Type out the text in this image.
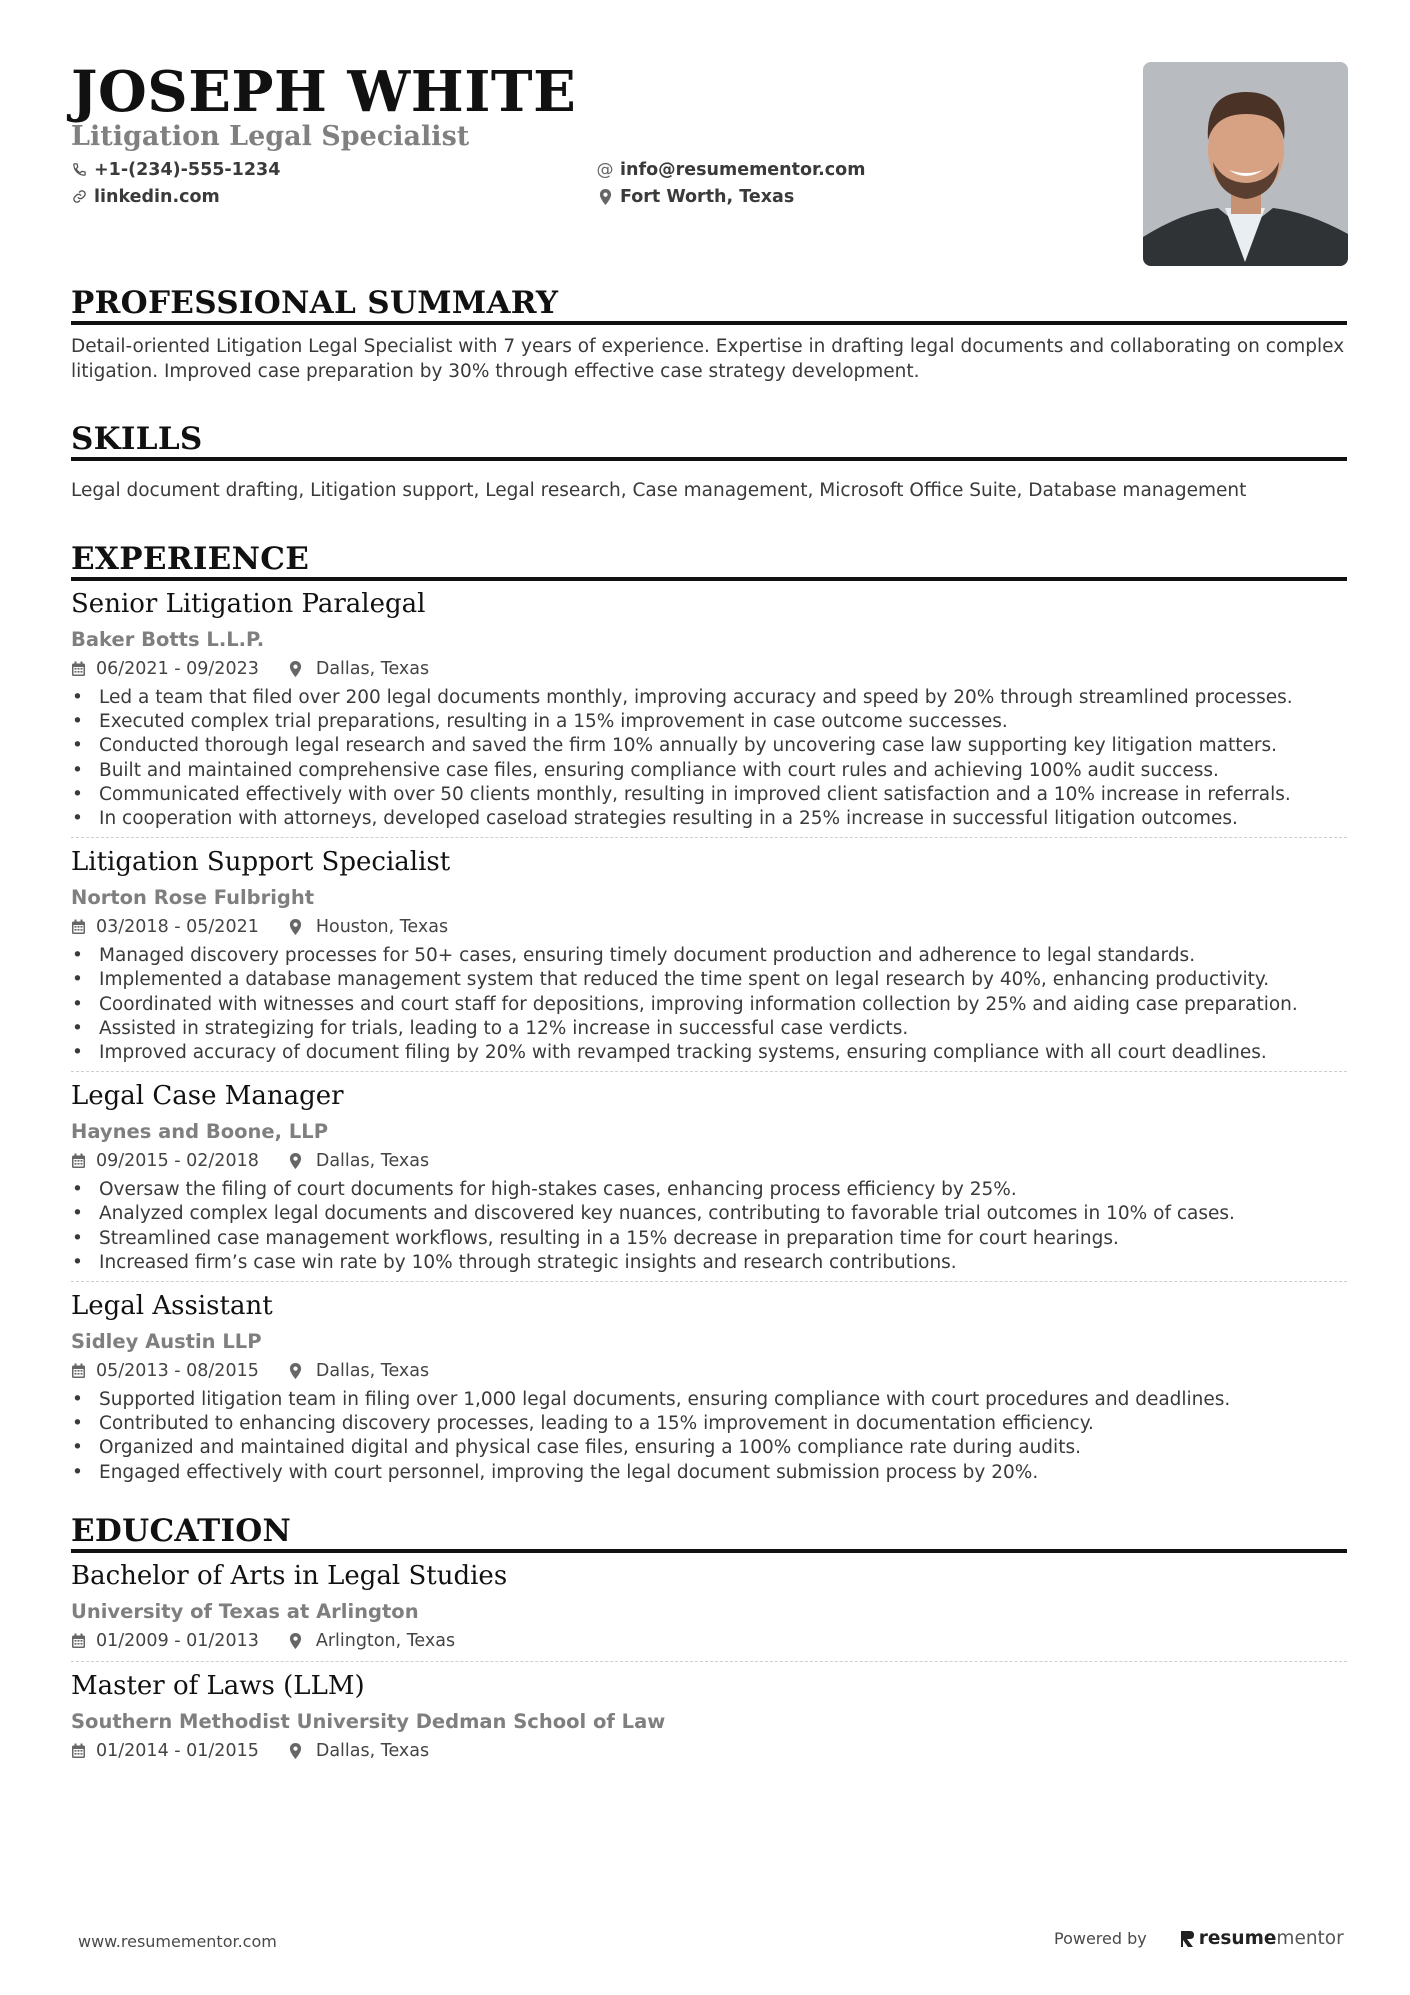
JOSEPH WHITE
Litigation Legal Specialist
+1-(234)-555-1234	@ info@resumementor.com
linkedin.com	Fort Worth, Texas
PROFESSIONAL SUMMARY
Detail-oriented Litigation Legal Specialist with 7 years of experience. Expertise in drafting legal documents and collaborating on complex litigation. Improved case preparation by 30% through effective case strategy development.
SKILLS
Legal document drafting, Litigation support, Legal research, Case management, Microsoft Office Suite, Database management
EXPERIENCE
Senior Litigation Paralegal
Baker Botts L.L.P.
06/2021 - 09/2023	Dallas, Texas
• Led a team that filed over 200 legal documents monthly, improving accuracy and speed by 20% through streamlined processes.
• Executed complex trial preparations, resulting in a 15% improvement in case outcome successes.
• Conducted thorough legal research and saved the firm 10% annually by uncovering case law supporting key litigation matters.
• Built and maintained comprehensive case files, ensuring compliance with court rules and achieving 100% audit success.
• Communicated effectively with over 50 clients monthly, resulting in improved client satisfaction and a 10% increase in referrals.
• In cooperation with attorneys, developed caseload strategies resulting in a 25% increase in successful litigation outcomes.
Litigation Support Specialist
Norton Rose Fulbright
03/2018 - 05/2021	Houston, Texas
• Managed discovery processes for 50+ cases, ensuring timely document production and adherence to legal standards.
• Implemented a database management system that reduced the time spent on legal research by 40%, enhancing productivity.
• Coordinated with witnesses and court staff for depositions, improving information collection by 25% and aiding case preparation.
• Assisted in strategizing for trials, leading to a 12% increase in successful case verdicts.
• Improved accuracy of document filing by 20% with revamped tracking systems, ensuring compliance with all court deadlines.
Legal Case Manager
Haynes and Boone, LLP
09/2015 - 02/2018	Dallas, Texas
• Oversaw the filing of court documents for high-stakes cases, enhancing process efficiency by 25%.
• Analyzed complex legal documents and discovered key nuances, contributing to favorable trial outcomes in 10% of cases.
• Streamlined case management workflows, resulting in a 15% decrease in preparation time for court hearings.
• Increased firm’s case win rate by 10% through strategic insights and research contributions.
Legal Assistant
Sidley Austin LLP
05/2013 - 08/2015	Dallas, Texas
• Supported litigation team in filing over 1,000 legal documents, ensuring compliance with court procedures and deadlines.
• Contributed to enhancing discovery processes, leading to a 15% improvement in documentation efficiency.
• Organized and maintained digital and physical case files, ensuring a 100% compliance rate during audits.
• Engaged effectively with court personnel, improving the legal document submission process by 20%.
EDUCATION
Bachelor of Arts in Legal Studies
University of Texas at Arlington
01/2009 - 01/2013	Arlington, Texas
Master of Laws (LLM)
Southern Methodist University Dedman School of Law
01/2014 - 01/2015	Dallas, Texas
www.resumementor.com	Powered by	resume mentor
